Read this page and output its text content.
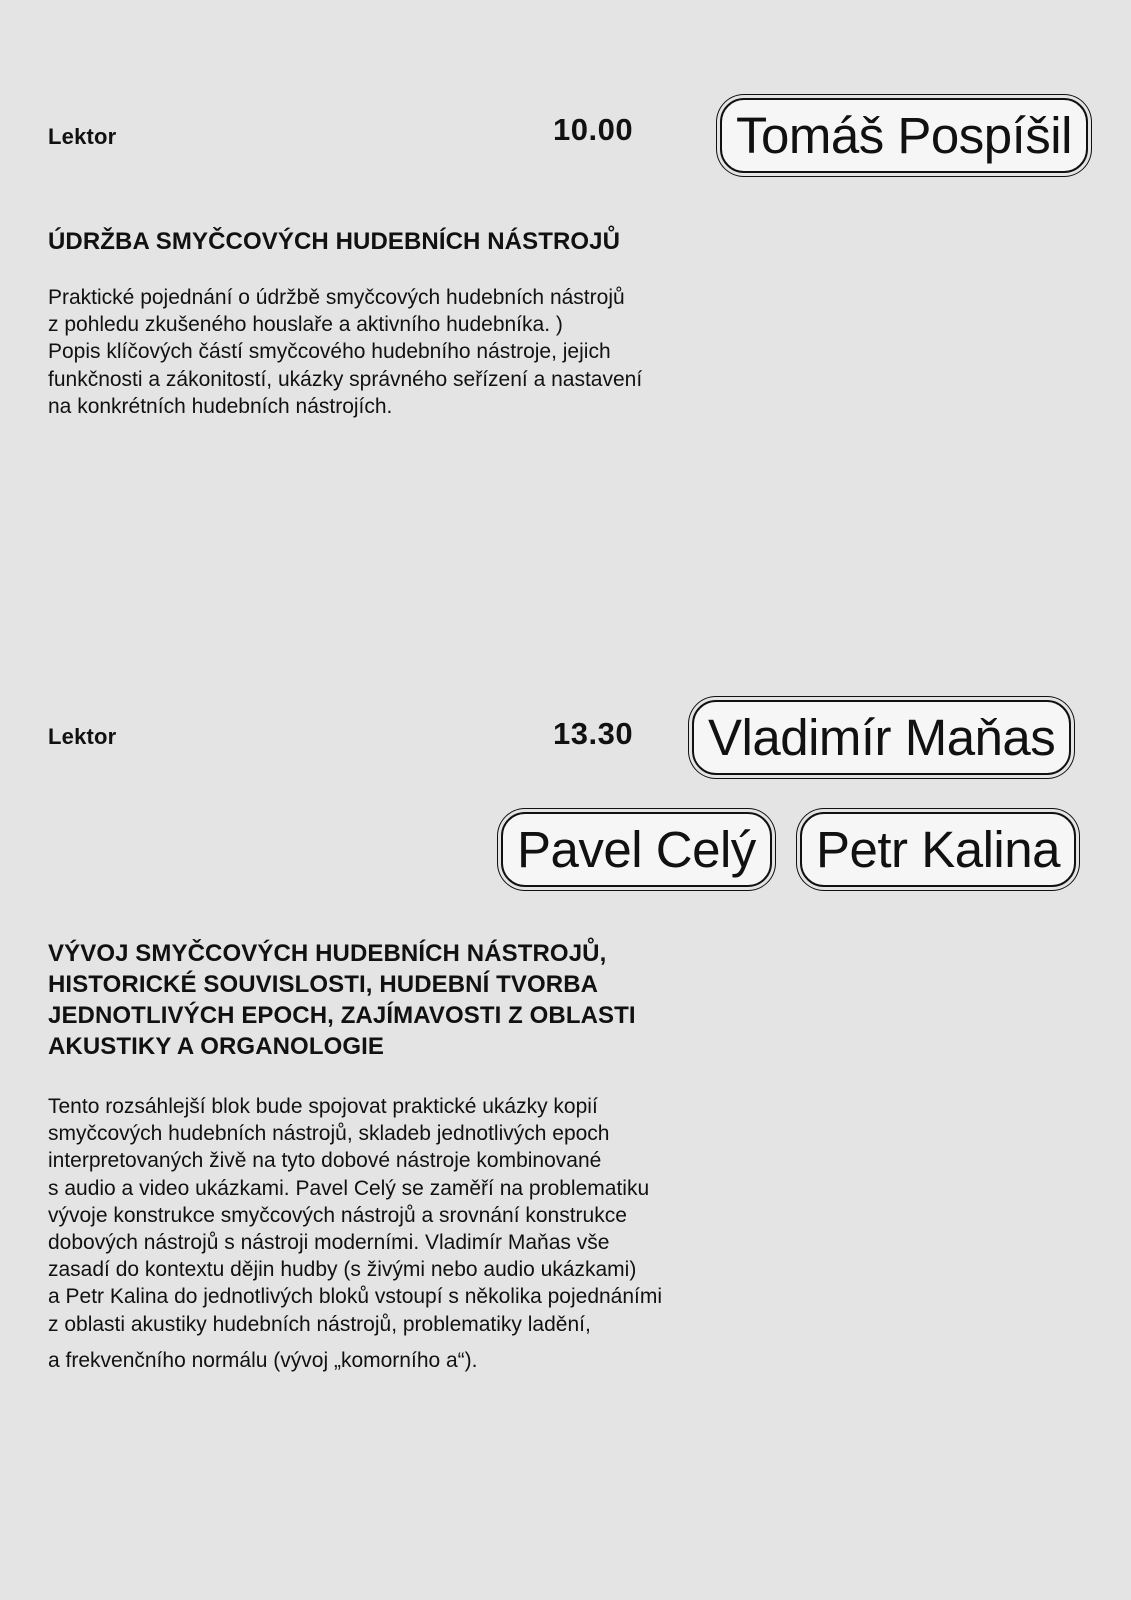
Lektor	10.00	Tomáš Pospíšil
ÚDRŽBA SMYČCOVÝCH HUDEBNÍCH NÁSTROJŮ

Praktické pojednání o údržbě smyčcových hudebních nástrojů
z pohledu zkušeného houslaře a aktivního hudebníka. )
Popis klíčových částí smyčcového hudebního nástroje, jejich
funkčnosti a zákonitostí, ukázky správného seřízení a nastavení
na konkrétních hudebních nástrojích.

Lektor	13.30	Vladimír Maňas
Pavel Celý	Petr Kalina
VÝVOJ SMYČCOVÝCH HUDEBNÍCH NÁSTROJŮ,
HISTORICKÉ SOUVISLOSTI, HUDEBNÍ TVORBA
JEDNOTLIVÝCH EPOCH, ZAJÍMAVOSTI Z OBLASTI
AKUSTIKY A ORGANOLOGIE

Tento rozsáhlejší blok bude spojovat praktické ukázky kopií
smyčcových hudebních nástrojů, skladeb jednotlivých epoch
interpretovaných živě na tyto dobové nástroje kombinované
s audio a video ukázkami. Pavel Celý se zaměří na problematiku
vývoje konstrukce smyčcových nástrojů a srovnání konstrukce
dobových nástrojů s nástroji moderními. Vladimír Maňas vše
zasadí do kontextu dějin hudby (s živými nebo audio ukázkami)
a Petr Kalina do jednotlivých bloků vstoupí s několika pojednáními
z oblasti akustiky hudebních nástrojů, problematiky ladění,
a frekvenčního normálu (vývoj „komorního a“).
